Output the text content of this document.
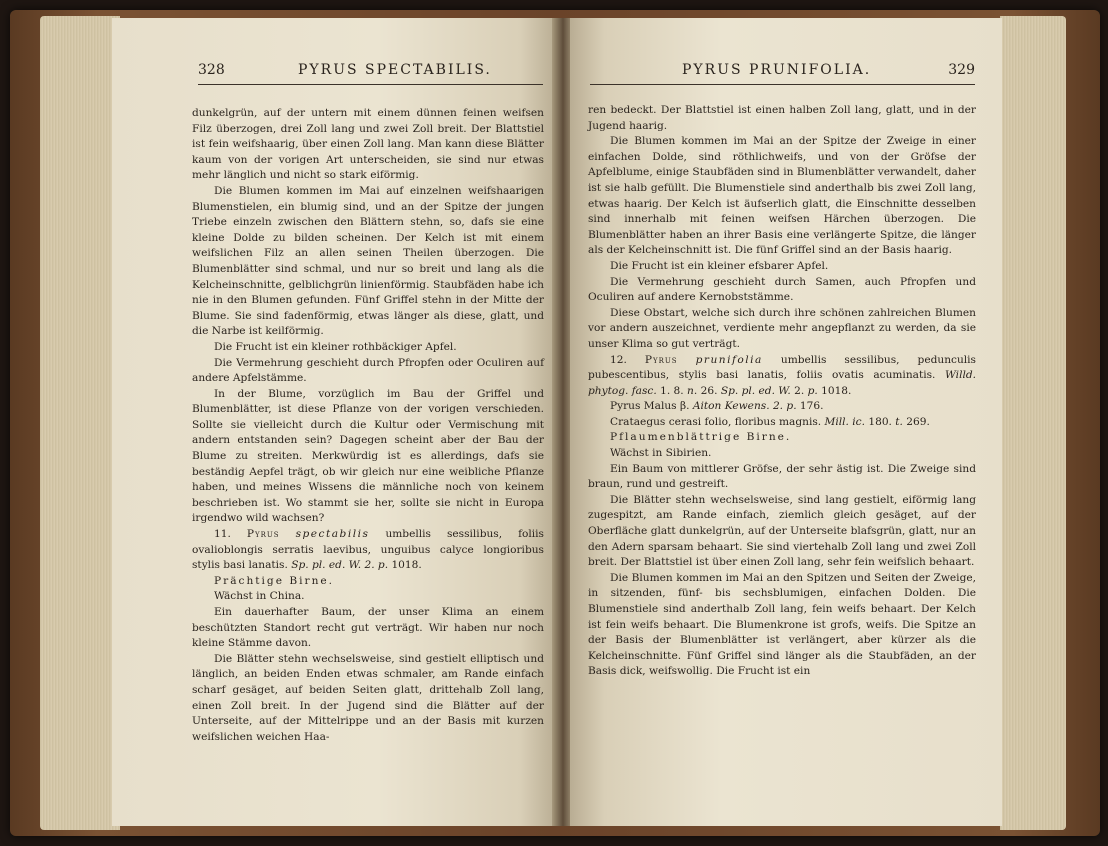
328	PYRUS SPECTABILIS.

dunkelgrün, auf der untern mit einem dünnen feinen weifsen Filz überzogen, drei Zoll lang und zwei Zoll breit. Der Blattstiel ist fein weifshaarig, über einen Zoll lang. Man kann diese Blätter kaum von der vorigen Art unterscheiden, sie sind nur etwas mehr länglich und nicht so stark eiförmig.

Die Blumen kommen im Mai auf einzelnen weifshaarigen Blumenstielen, ein blumig sind, und an der Spitze der jungen Triebe einzeln zwischen den Blättern stehn, so, dafs sie eine kleine Dolde zu bilden scheinen. Der Kelch ist mit einem weifslichen Filz an allen seinen Theilen überzogen. Die Blumenblätter sind schmal, und nur so breit und lang als die Kelcheinschnitte, gelblichgrün linienförmig. Staubfäden habe ich nie in den Blumen gefunden. Fünf Griffel stehn in der Mitte der Blume. Sie sind fadenförmig, etwas länger als diese, glatt, und die Narbe ist keilförmig.

Die Frucht ist ein kleiner rothbäckiger Apfel.

Die Vermehrung geschieht durch Pfropfen oder Oculiren auf andere Apfelstämme.

In der Blume, vorzüglich im Bau der Griffel und Blumenblätter, ist diese Pflanze von der vorigen verschieden. Sollte sie vielleicht durch die Kultur oder Vermischung mit andern entstanden sein? Dagegen scheint aber der Bau der Blume zu streiten. Merkwürdig ist es allerdings, dafs sie beständig Aepfel trägt, ob wir gleich nur eine weibliche Pflanze haben, und meines Wissens die männliche noch von keinem beschrieben ist. Wo stammt sie her, sollte sie nicht in Europa irgendwo wild wachsen?

11. Pyrus spectabilis umbellis sessilibus, foliis ovalioblongis serratis laevibus, unguibus calyce longioribus stylis basi lanatis. Sp. pl. ed. W. 2. p. 1018.

Prächtige Birne.

Wächst in China.

Ein dauerhafter Baum, der unser Klima an einem beschützten Standort recht gut verträgt. Wir haben nur noch kleine Stämme davon.

Die Blätter stehn wechselsweise, sind gestielt elliptisch und länglich, an beiden Enden etwas schmaler, am Rande einfach scharf gesäget, auf beiden Seiten glatt, drittehalb Zoll lang, einen Zoll breit. In der Jugend sind die Blätter auf der Unterseite, auf der Mittelrippe und an der Basis mit kurzen weifslichen weichen Haa-

PYRUS PRUNIFOLIA.	329

ren bedeckt. Der Blattstiel ist einen halben Zoll lang, glatt, und in der Jugend haarig.

Die Blumen kommen im Mai an der Spitze der Zweige in einer einfachen Dolde, sind röthlichweifs, und von der Gröfse der Apfelblume, einige Staubfäden sind in Blumenblätter verwandelt, daher ist sie halb gefüllt. Die Blumenstiele sind anderthalb bis zwei Zoll lang, etwas haarig. Der Kelch ist äufserlich glatt, die Einschnitte desselben sind innerhalb mit feinen weifsen Härchen überzogen. Die Blumenblätter haben an ihrer Basis eine verlängerte Spitze, die länger als der Kelcheinschnitt ist. Die fünf Griffel sind an der Basis haarig.

Die Frucht ist ein kleiner efsbarer Apfel.

Die Vermehrung geschieht durch Samen, auch Pfropfen und Oculiren auf andere Kernobststämme.

Diese Obstart, welche sich durch ihre schönen zahlreichen Blumen vor andern auszeichnet, verdiente mehr angepflanzt zu werden, da sie unser Klima so gut verträgt.

12. Pyrus prunifolia umbellis sessilibus, pedunculis pubescentibus, stylis basi lanatis, foliis ovatis acuminatis. Willd. phytog. fasc. 1. 8. n. 26. Sp. pl. ed. W. 2. p. 1018.

Pyrus Malus β. Aiton Kewens. 2. p. 176.

Crataegus cerasi folio, floribus magnis. Mill. ic. 180. t. 269.

Pflaumenblättrige Birne.

Wächst in Sibirien.

Ein Baum von mittlerer Gröfse, der sehr ästig ist. Die Zweige sind braun, rund und gestreift.

Die Blätter stehn wechselsweise, sind lang gestielt, eiförmig lang zugespitzt, am Rande einfach, ziemlich gleich gesäget, auf der Oberfläche glatt dunkelgrün, auf der Unterseite blafsgrün, glatt, nur an den Adern sparsam behaart. Sie sind viertehalb Zoll lang und zwei Zoll breit. Der Blattstiel ist über einen Zoll lang, sehr fein weifslich behaart.

Die Blumen kommen im Mai an den Spitzen und Seiten der Zweige, in sitzenden, fünf- bis sechsblumigen, einfachen Dolden. Die Blumenstiele sind anderthalb Zoll lang, fein weifs behaart. Der Kelch ist fein weifs behaart. Die Blumenkrone ist grofs, weifs. Die Spitze an der Basis der Blumenblätter ist verlängert, aber kürzer als die Kelcheinschnitte. Fünf Griffel sind länger als die Staubfäden, an der Basis dick, weifswollig. Die Frucht ist ein
